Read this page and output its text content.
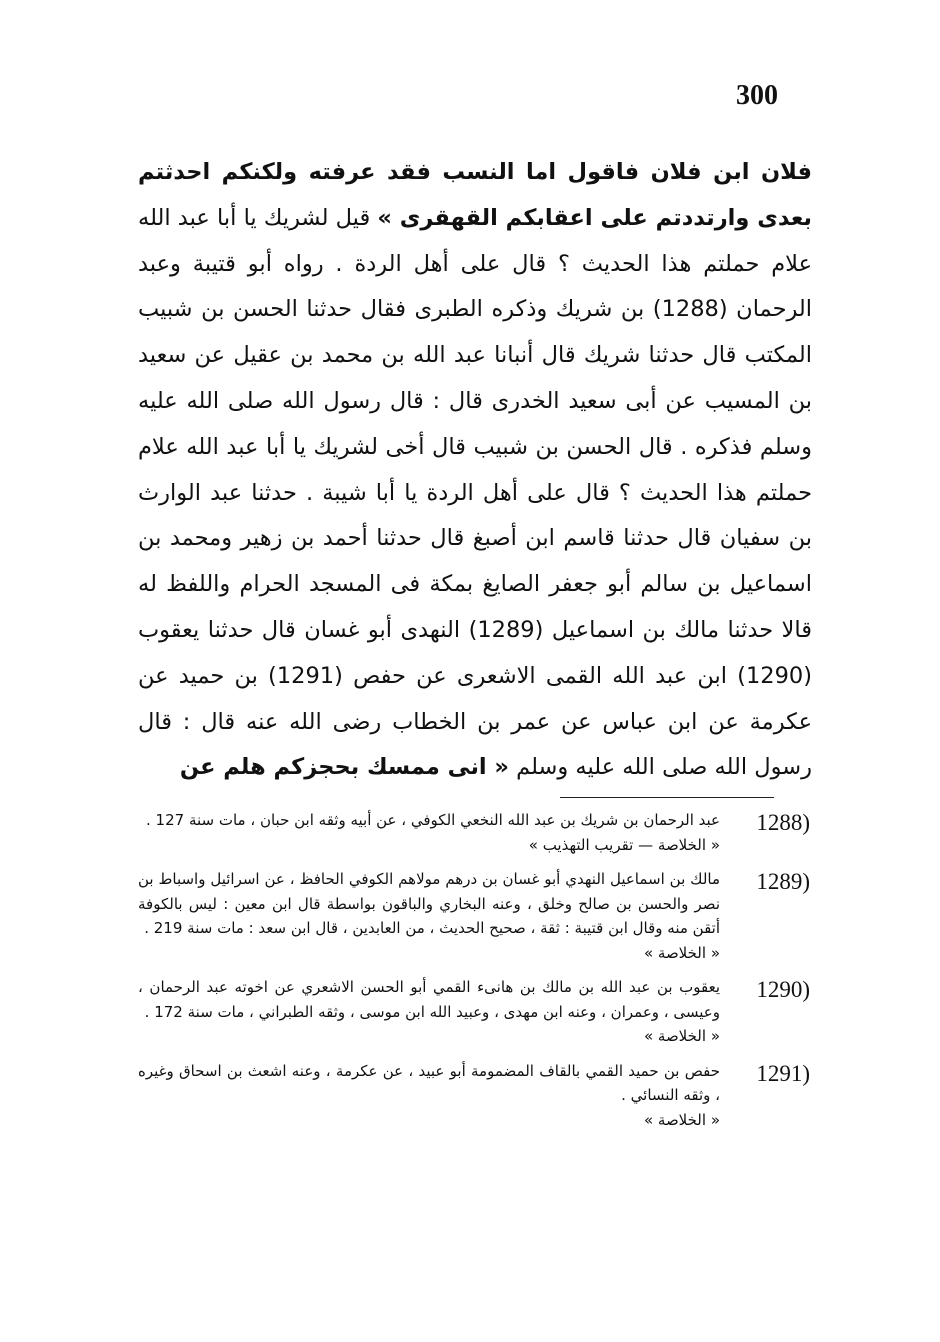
300

فلان ابن فلان فاقول اما النسب فقد عرفته ولكنكم احدثتم بعدى وارتددتم على اعقابكم القهقرى » قيل لشريك يا أبا عبد الله علام حملتم هذا الحديث ؟ قال على أهل الردة . رواه أبو قتيبة وعبد الرحمان (1288) بن شريك وذكره الطبرى فقال حدثنا الحسن بن شبيب المكتب قال حدثنا شريك قال أنبانا عبد الله بن محمد بن عقيل عن سعيد بن المسيب عن أبى سعيد الخدرى قال : قال رسول الله صلى الله عليه وسلم فذكره . قال الحسن بن شبيب قال أخى لشريك يا أبا عبد الله علام حملتم هذا الحديث ؟ قال على أهل الردة يا أبا شيبة . حدثنا عبد الوارث بن سفيان قال حدثنا قاسم ابن أصبغ قال حدثنا أحمد بن زهير ومحمد بن اسماعيل بن سالم أبو جعفر الصايغ بمكة فى المسجد الحرام واللفظ له قالا حدثنا مالك بن اسماعيل (1289) النهدى أبو غسان قال حدثنا يعقوب (1290) ابن عبد الله القمى الاشعرى عن حفص (1291) بن حميد عن عكرمة عن ابن عباس عن عمر بن الخطاب رضى الله عنه قال : قال رسول الله صلى الله عليه وسلم « انى ممسك بحجزكم هلم عن

1288)
عبد الرحمان بن شريك بن عبد الله النخعي الكوفي ، عن أبيه وثقه ابن حبان ، مات سنة 127 .
« الخلاصة — تقريب التهذيب »
1289)
مالك بن اسماعيل النهدي أبو غسان بن درهم مولاهم الكوفي الحافظ ، عن اسرائيل واسباط بن نصر والحسن بن صالح وخلق ، وعنه البخاري والباقون بواسطة قال ابن معين : ليس بالكوفة أتقن منه وقال ابن قتيبة : ثقة ، صحيح الحديث ، من العابدين ، قال ابن سعد : مات سنة 219 .
« الخلاصة »
1290)
يعقوب بن عبد الله بن مالك بن هانىء القمي أبو الحسن الاشعري عن اخوته عبد الرحمان ، وعيسى ، وعمران ، وعنه ابن مهدى ، وعبيد الله ابن موسى ، وثقه الطبراني ، مات سنة 172 .
« الخلاصة »
1291)
حفص بن حميد القمي بالقاف المضمومة أبو عبيد ، عن عكرمة ، وعنه اشعث بن اسحاق وغيره ، وثقه النسائي .
« الخلاصة »
